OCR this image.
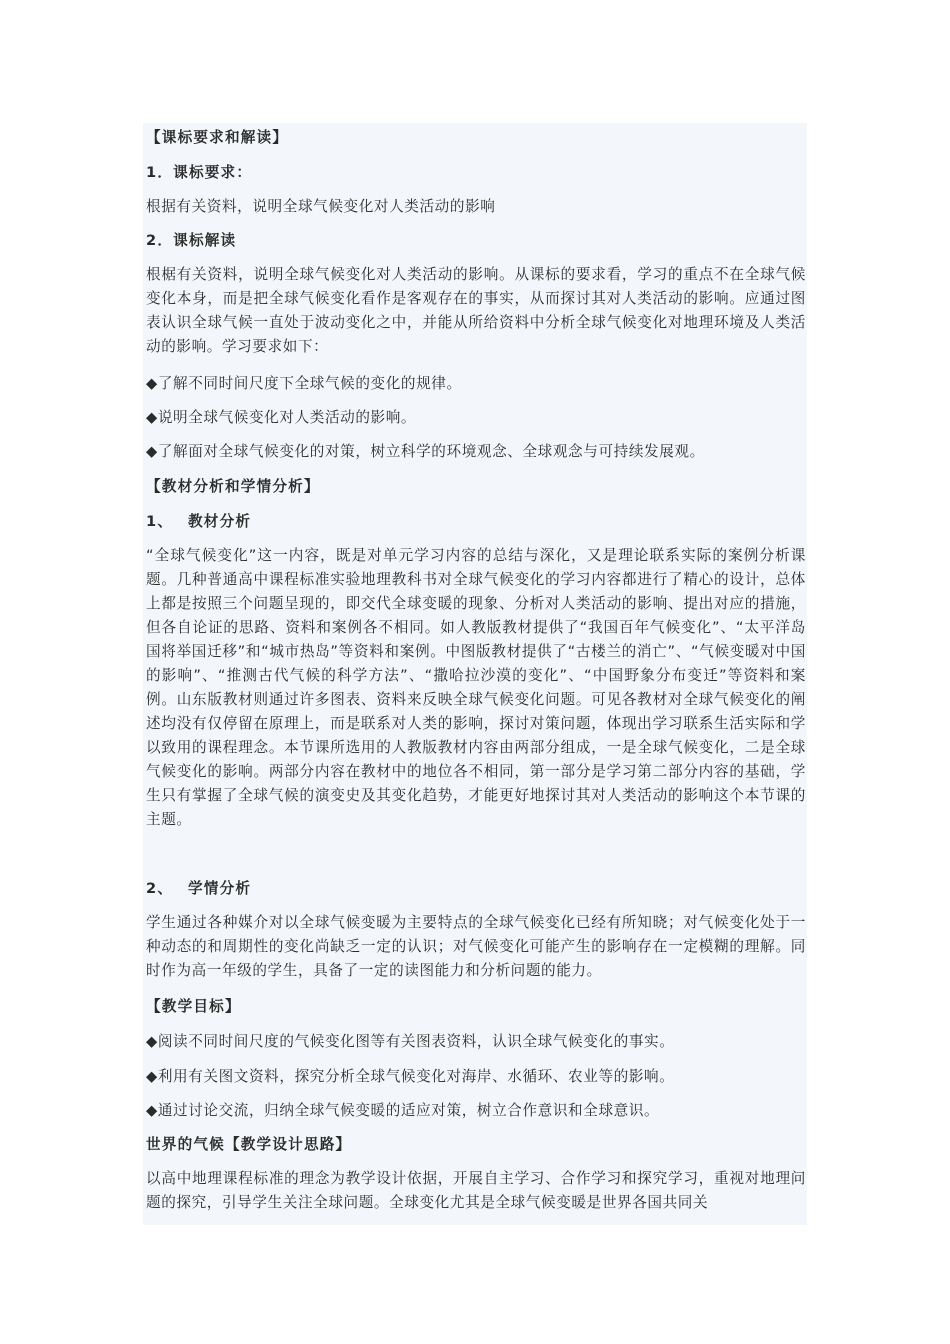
【课标要求和解读】

1．课标要求：

根据有关资料，说明全球气候变化对人类活动的影响

2．课标解读

根椐有关资料，说明全球气候变化对人类活动的影响。从课标的要求看，学习的重点不在全球气候变化本身，而是把全球气候变化看作是客观存在的事实，从而探讨其对人类活动的影响。应通过图表认识全球气候一直处于波动变化之中，并能从所给资料中分析全球气候变化对地理环境及人类活动的影响。学习要求如下：

◆了解不同时间尺度下全球气候的变化的规律。

◆说明全球气候变化对人类活动的影响。

◆了解面对全球气候变化的对策，树立科学的环境观念、全球观念与可持续发展观。

【教材分析和学情分析】

1、 教材分析

“全球气候变化”这一内容，既是对单元学习内容的总结与深化，又是理论联系实际的案例分析课题。几种普通高中课程标准实验地理教科书对全球气候变化的学习内容都进行了精心的设计，总体上都是按照三个问题呈现的，即交代全球变暖的现象、分析对人类活动的影响、提出对应的措施，但各自论证的思路、资料和案例各不相同。如人教版教材提供了“我国百年气候变化”、“太平洋岛国将举国迁移”和“城市热岛”等资料和案例。中图版教材提供了“古楼兰的消亡”、“气候变暖对中国的影响”、“推测古代气候的科学方法”、“撒哈拉沙漠的变化”、“中国野象分布变迁”等资料和案例。山东版教材则通过许多图表、资料来反映全球气候变化问题。可见各教材对全球气候变化的阐述均没有仅停留在原理上，而是联系对人类的影响，探讨对策问题，体现出学习联系生活实际和学以致用的课程理念。本节课所选用的人教版教材内容由两部分组成，一是全球气候变化，二是全球气候变化的影响。两部分内容在教材中的地位各不相同，第一部分是学习第二部分内容的基础，学生只有掌握了全球气候的演变史及其变化趋势，才能更好地探讨其对人类活动的影响这个本节课的主题。

2、 学情分析

学生通过各种媒介对以全球气候变暖为主要特点的全球气候变化已经有所知晓；对气候变化处于一种动态的和周期性的变化尚缺乏一定的认识；对气候变化可能产生的影响存在一定模糊的理解。同时作为高一年级的学生，具备了一定的读图能力和分析问题的能力。

【教学目标】

◆阅读不同时间尺度的气候变化图等有关图表资料，认识全球气候变化的事实。

◆利用有关图文资料，探究分析全球气候变化对海岸、水循环、农业等的影响。

◆通过讨论交流，归纳全球气候变暖的适应对策，树立合作意识和全球意识。

世界的气候【教学设计思路】

以高中地理课程标准的理念为教学设计依据，开展自主学习、合作学习和探究学习，重视对地理问题的探究，引导学生关注全球问题。全球变化尤其是全球气候变暖是世界各国共同关
